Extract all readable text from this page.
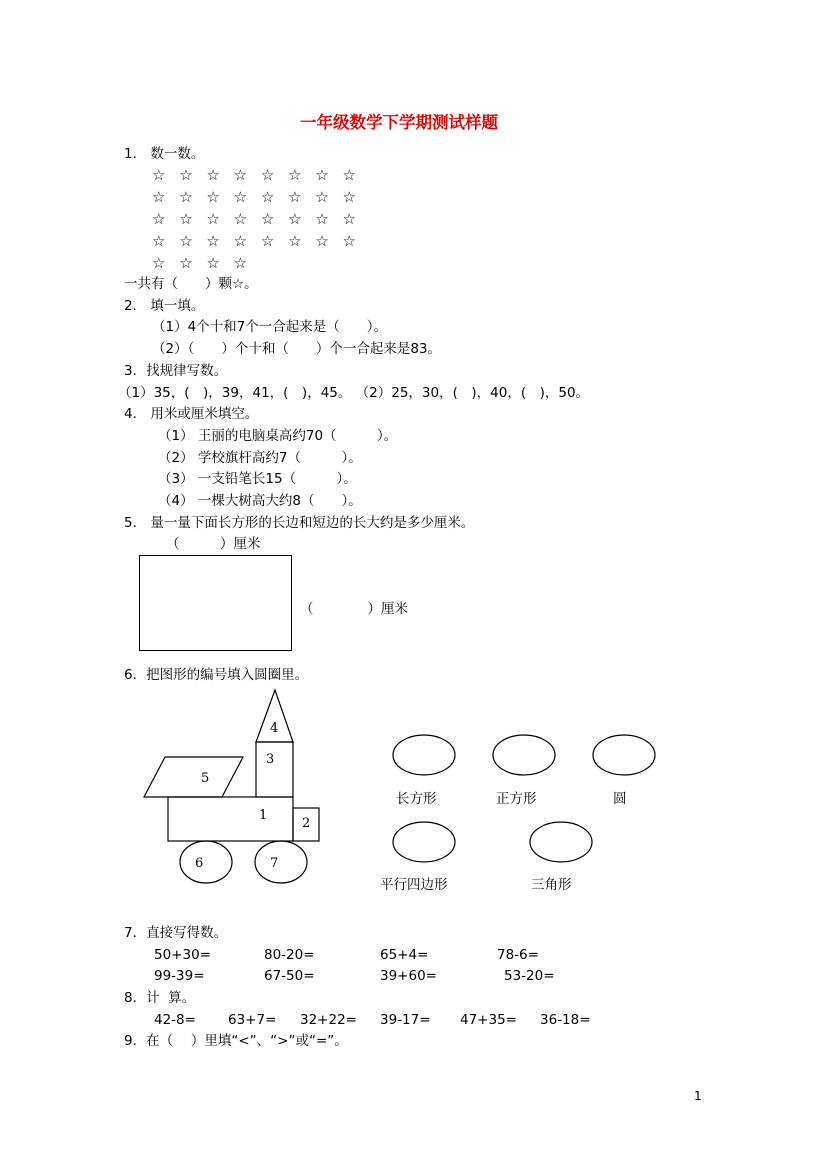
一年级数学下学期测试样题
1． 数一数。
☆ ☆ ☆ ☆ ☆ ☆ ☆ ☆
☆ ☆ ☆ ☆ ☆ ☆ ☆ ☆
☆ ☆ ☆ ☆ ☆ ☆ ☆ ☆
☆ ☆ ☆ ☆ ☆ ☆ ☆ ☆
☆ ☆ ☆ ☆
一共有（　　）颗☆。
2． 填一填。
（1）4个十和7个一合起来是（　　）。
（2）（　　）个十和（　　）个一合起来是83。
3．找规律写数。
（1）35，(　)，39，41，(　)，45。 （2）25，30，(　)，40，(　)，50。
4． 用米或厘米填空。
（1） 王丽的电脑桌高约70（　　　）。
（2） 学校旗杆高约7（　　　）。
（3） 一支铅笔长15（　　　）。
（4） 一棵大树高大约8（　　）。
5． 量一量下面长方形的长边和短边的长大约是多少厘米。
（　　　）厘米
（　　　　）厘米
6．把图形的编号填入圆圈里。
1
2
3
4
5
6	7
长方形	正方形	圆
平行四边形	三角形
7．直接写得数。
50+30=	80-20=	65+4=	78-6=
99-39=	67-50=	39+60=	53-20=
8．计  算。
42-8= 63+7= 32+22= 39-17= 47+35= 36-18=
9．在（　 ）里填“<”、“>”或“=”。
1
